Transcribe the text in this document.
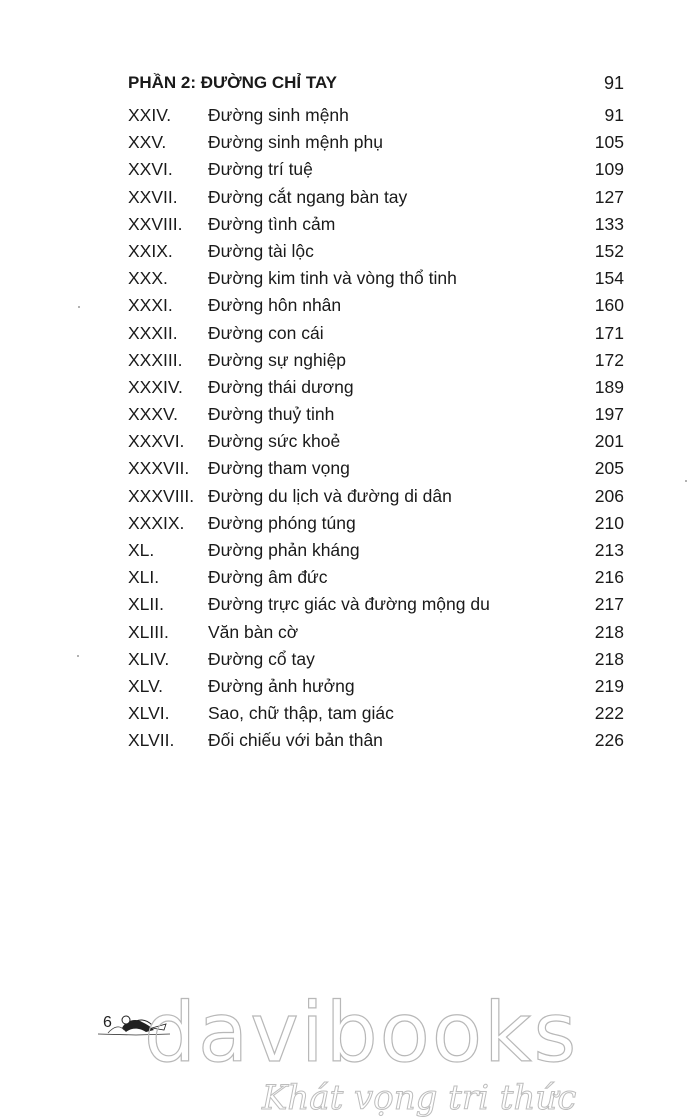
PHẦN 2: ĐƯỜNG CHỈ TAY	91
XXIV. Đường sinh mệnh	91
XXV. Đường sinh mệnh phụ	105
XXVI. Đường trí tuệ	109
XXVII. Đường cắt ngang bàn tay	127
XXVIII. Đường tình cảm	133
XXIX. Đường tài lộc	152
XXX. Đường kim tinh và vòng thổ tinh	154
XXXI. Đường hôn nhân	160
XXXII. Đường con cái	171
XXXIII. Đường sự nghiệp	172
XXXIV. Đường thái dương	189
XXXV. Đường thuỷ tinh	197
XXXVI. Đường sức khoẻ	201
XXXVII. Đường tham vọng	205
XXXVIII. Đường du lịch và đường di dân	206
XXXIX. Đường phóng túng	210
XL.	Đường phản kháng	213
XLI.	Đường âm đức	216
XLII.	Đường trực giác và đường mộng du	217
XLIII. Văn bàn cờ	218
XLIV. Đường cổ tay	218
XLV.	Đường ảnh hưởng	219
XLVI. Sao, chữ thập, tam giác	222
XLVII. Đối chiếu với bản thân	226
6 davibooks
Khát vọng tri thức
